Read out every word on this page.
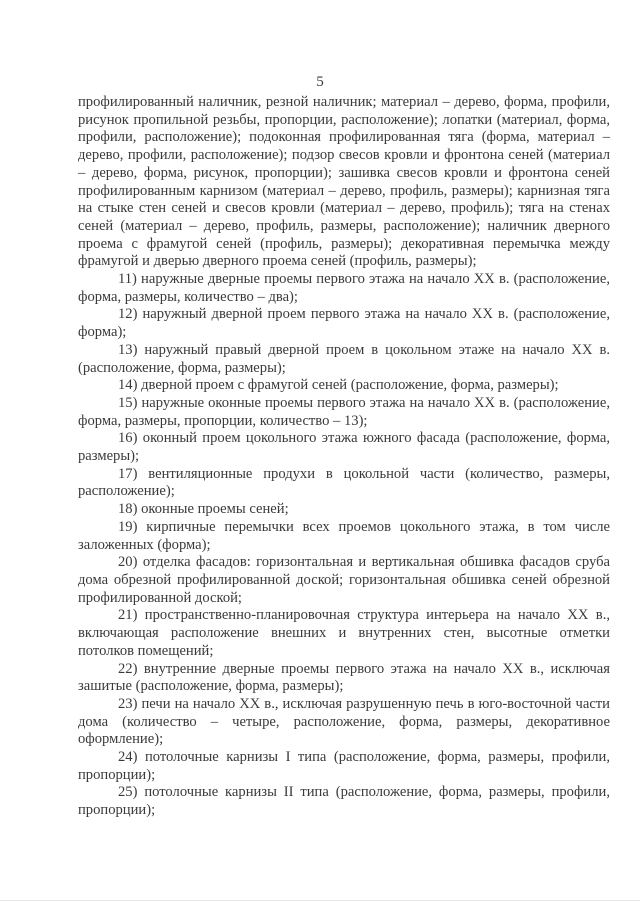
5

профилированный наличник, резной наличник; материал – дерево, форма, профили, рисунок пропильной резьбы, пропорции, расположение); лопатки (материал, форма, профили, расположение); подоконная профилированная тяга (форма, материал – дерево, профили, расположение); подзор свесов кровли и фронтона сеней (материал – дерево, форма, рисунок, пропорции); зашивка свесов кровли и фронтона сеней профилированным карнизом (материал – дерево, профиль, размеры); карнизная тяга на стыке стен сеней и свесов кровли (материал – дерево, профиль); тяга на стенах сеней (материал – дерево, профиль, размеры, расположение); наличник дверного проема с фрамугой сеней (профиль, размеры); декоративная перемычка между фрамугой и дверью дверного проема сеней (профиль, размеры);

11) наружные дверные проемы первого этажа на начало ХХ в. (расположение, форма, размеры, количество – два);

12) наружный дверной проем первого этажа на начало ХХ в. (расположение, форма);

13) наружный правый дверной проем в цокольном этаже на начало ХХ в. (расположение, форма, размеры);

14) дверной проем с фрамугой сеней (расположение, форма, размеры);

15) наружные оконные проемы первого этажа на начало ХХ в. (расположение, форма, размеры, пропорции, количество – 13);

16) оконный проем цокольного этажа южного фасада (расположение, форма, размеры);

17) вентиляционные продухи в цокольной части (количество, размеры, расположение);

18) оконные проемы сеней;

19) кирпичные перемычки всех проемов цокольного этажа, в том числе заложенных (форма);

20) отделка фасадов: горизонтальная и вертикальная обшивка фасадов сруба дома обрезной профилированной доской; горизонтальная обшивка сеней обрезной профилированной доской;

21) пространственно-планировочная структура интерьера на начало ХХ в., включающая расположение внешних и внутренних стен, высотные отметки потолков помещений;

22) внутренние дверные проемы первого этажа на начало ХХ в., исключая зашитые (расположение, форма, размеры);

23) печи на начало ХХ в., исключая разрушенную печь в юго-восточной части дома (количество – четыре, расположение, форма, размеры, декоративное оформление);

24) потолочные карнизы I типа (расположение, форма, размеры, профили, пропорции);

25) потолочные карнизы II типа (расположение, форма, размеры, профили, пропорции);
